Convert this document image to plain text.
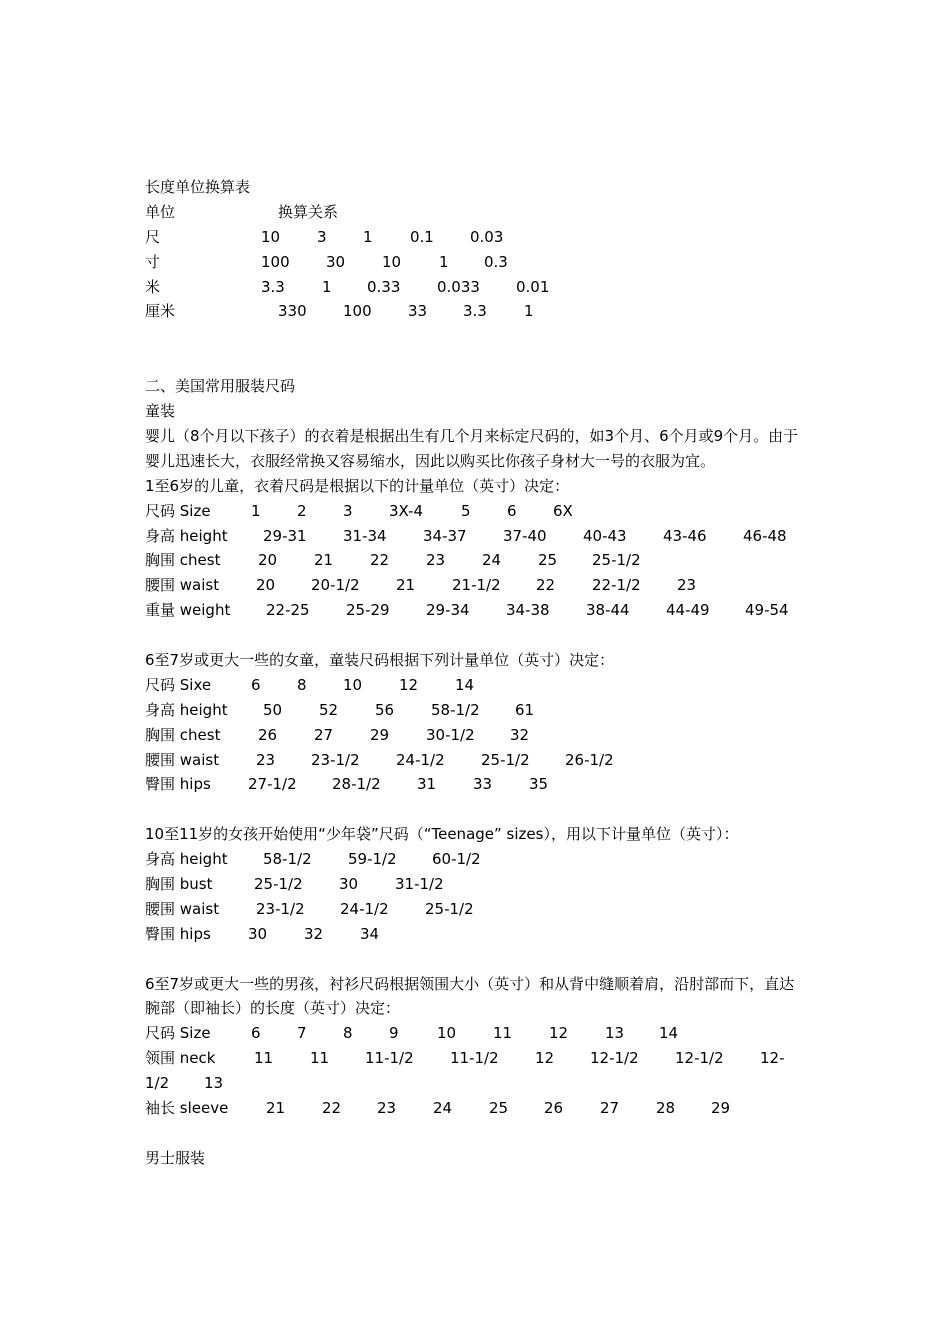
长度单位换算表
单位	换算关系
尺	10 3 1 0.1 0.03
寸	100 30 10	1 0.3
米	3.3 1 0.33 0.033 0.01
厘米	330 100 33 3.3 1
二、美国常用服装尺码
童装
婴儿（8个月以下孩子）的衣着是根据出生有几个月来标定尺码的，如3个月、6个月或9个月。由于婴儿迅速长大，衣服经常换又容易缩水，因此以购买比你孩子身材大一号的衣服为宜。
1至6岁的儿童，衣着尺码是根据以下的计量单位（英寸）决定：
尺码 Size	1 2 3 3X-4	5 6 6X
身高 height 29-31 31-34 34-37 37-40 40-43 43-46 46-48
胸围 chest	20 21 22 23 24 25 25-1/2
腰围 waist 20 20-1/2 21 21-1/2 22 22-1/2 23
重量 weight 22-25 25-29 29-34 34-38 38-44 44-49 49-54
6至7岁或更大一些的女童，童装尺码根据下列计量单位（英寸）决定：
尺码 Sixe	6 8 10 12 14
身高 height 50 52 56 58-1/2 61
胸围 chest	26 27 29 30-1/2 32
腰围 waist 23 23-1/2 24-1/2 25-1/2 26-1/2
臀围 hips 27-1/2 28-1/2 31 33 35
10至11岁的女孩开始使用“少年袋”尺码（“Teenage” sizes），用以下计量单位（英寸）：
身高 height 58-1/2 59-1/2 60-1/2
胸围 bust	25-1/2 30 31-1/2
腰围 waist 23-1/2 24-1/2 25-1/2
臀围 hips 30 32 34
6至7岁或更大一些的男孩，衬衫尺码根据领围大小（英寸）和从背中缝顺着肩，沿肘部而下，直达腕部（即袖长）的长度（英寸）决定：
尺码 Size	6 7 8 9	10 11 12 13 14
领围 neck	11 11 11-1/2 11-1/2 12 12-1/2 12-1/2 12-
1/2 13
袖长 sleeve	21 22 23 24 25 26 27 28 29
男士服装
